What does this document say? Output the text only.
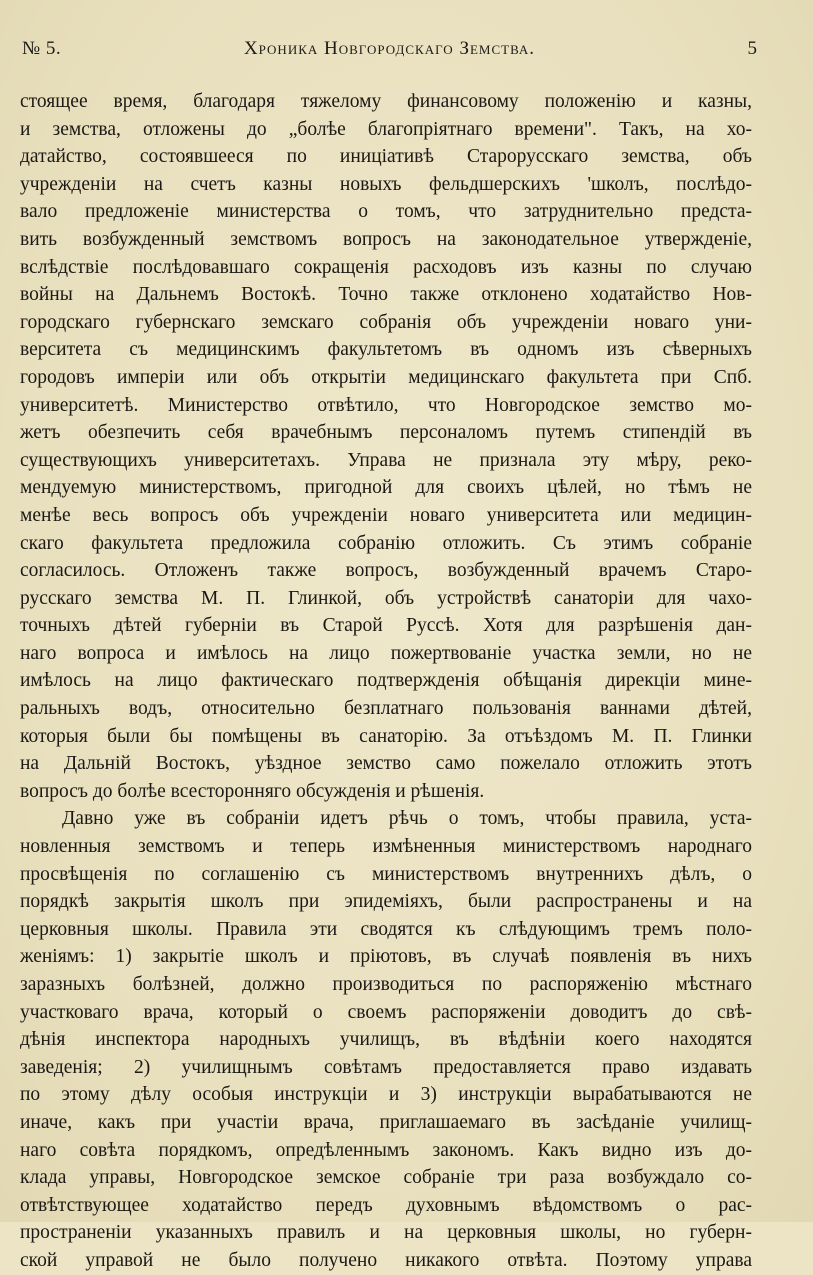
№ 5.	Хроника Новгородскаго Земства.	5
стоящее время, благодаря тяжелому финансовому положенію и казны,
и земства, отложены до „болѣе благопріятнаго времени". Такъ, на хо-
датайство, состоявшееся по иниціативѣ Старорусскаго земства, объ
учрежденіи на счетъ казны новыхъ фельдшерскихъ 'школъ, послѣдо-
вало предложеніе министерства о томъ, что затруднительно предста-
вить возбужденный земствомъ вопросъ на законодательное утвержденіе,
вслѣдствіе послѣдовавшаго сокращенія расходовъ изъ казны по случаю
войны на Дальнемъ Востокѣ. Точно также отклонено ходатайство Нов-
городскаго губернскаго земскаго собранія объ учрежденіи новаго уни-
верситета съ медицинскимъ факультетомъ въ одномъ изъ сѣверныхъ
городовъ имперіи или объ открытіи медицинскаго факультета при Спб.
университетѣ. Министерство отвѣтило, что Новгородское земство мо-
жетъ обезпечить себя врачебнымъ персоналомъ путемъ стипендій въ
существующихъ университетахъ. Управа не признала эту мѣру, реко-
мендуемую министерствомъ, пригодной для своихъ цѣлей, но тѣмъ не
менѣе весь вопросъ объ учрежденіи новаго университета или медицин-
скаго факультета предложила собранію отложить. Съ этимъ собраніе
согласилось. Отложенъ также вопросъ, возбужденный врачемъ Старо-
русскаго земства М. П. Глинкой, объ устройствѣ санаторіи для чахо-
точныхъ дѣтей губерніи въ Старой Руссѣ. Хотя для разрѣшенія дан-
наго вопроса и имѣлось на лицо пожертвованіе участка земли, но не
имѣлось на лицо фактическаго подтвержденія обѣщанія дирекціи мине-
ральныхъ водъ, относительно безплатнаго пользованія ваннами дѣтей,
которыя были бы помѣщены въ санаторію. За отъѣздомъ М. П. Глинки
на Дальній Востокъ, уѣздное земство само пожелало отложить этотъ
вопросъ до болѣе всесторонняго обсужденія и рѣшенія.
Давно уже въ собраніи идетъ рѣчь о томъ, чтобы правила, уста-
новленныя земствомъ и теперь измѣненныя министерствомъ народнаго
просвѣщенія по соглашенію съ министерствомъ внутреннихъ дѣлъ, о
порядкѣ закрытія школъ при эпидеміяхъ, были распространены и на
церковныя школы. Правила эти сводятся къ слѣдующимъ тремъ поло-
женіямъ: 1) закрытіе школъ и пріютовъ, въ случаѣ появленія въ нихъ
заразныхъ болѣзней, должно производиться по распоряженію мѣстнаго
участковаго врача, который о своемъ распоряженіи доводитъ до свѣ-
дѣнія инспектора народныхъ училищъ, въ вѣдѣніи коего находятся
заведенія; 2) училищнымъ совѣтамъ предоставляется право издавать
по этому дѣлу особыя инструкціи и 3) инструкціи вырабатываются не
иначе, какъ при участіи врача, приглашаемаго въ засѣданіе училищ-
наго совѣта порядкомъ, опредѣленнымъ закономъ. Какъ видно изъ до-
клада управы, Новгородское земское собраніе три раза возбуждало со-
отвѣтствующее ходатайство передъ духовнымъ вѣдомствомъ о рас-
пространеніи указанныхъ правилъ и на церковныя школы, но губерн-
ской управой не было получено никакого отвѣта. Поэтому управа
